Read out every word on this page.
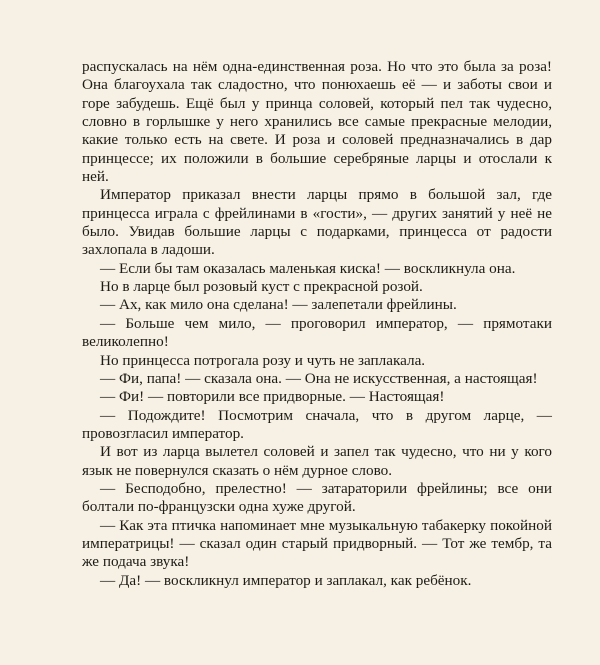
распускалась на нём одна-единственная роза. Но что это была за роза! Она благоухала так сладостно, что понюхаешь её — и заботы свои и горе забудешь. Ещё был у принца соловей, который пел так чудесно, словно в горлышке у него хранились все самые прекрасные мелодии, какие только есть на свете. И роза и соловей предназначались в дар принцессе; их положили в большие серебряные ларцы и отослали к ней.

Император приказал внести ларцы прямо в большой зал, где принцесса играла с фрейлинами в «гости», — других занятий у неё не было. Увидав большие ларцы с подарками, принцесса от радости захлопала в ладоши.

— Если бы там оказалась маленькая киска! — воскликнула она.

Но в ларце был розовый куст с прекрасной розой.

— Ах, как мило она сделана! — залепетали фрейлины.

— Больше чем мило, — проговорил император, — прямотаки великолепно!

Но принцесса потрогала розу и чуть не заплакала.

— Фи, папа! — сказала она. — Она не искусственная, а настоящая!

— Фи! — повторили все придворные. — Настоящая!

— Подождите! Посмотрим сначала, что в другом ларце, — провозгласил император.

И вот из ларца вылетел соловей и запел так чудесно, что ни у кого язык не повернулся сказать о нём дурное слово.

— Бесподобно, прелестно! — затараторили фрейлины; все они болтали по-французски одна хуже другой.

— Как эта птичка напоминает мне музыкальную табакерку покойной императрицы! — сказал один старый придворный. — Тот же тембр, та же подача звука!

— Да! — воскликнул император и заплакал, как ребёнок.
